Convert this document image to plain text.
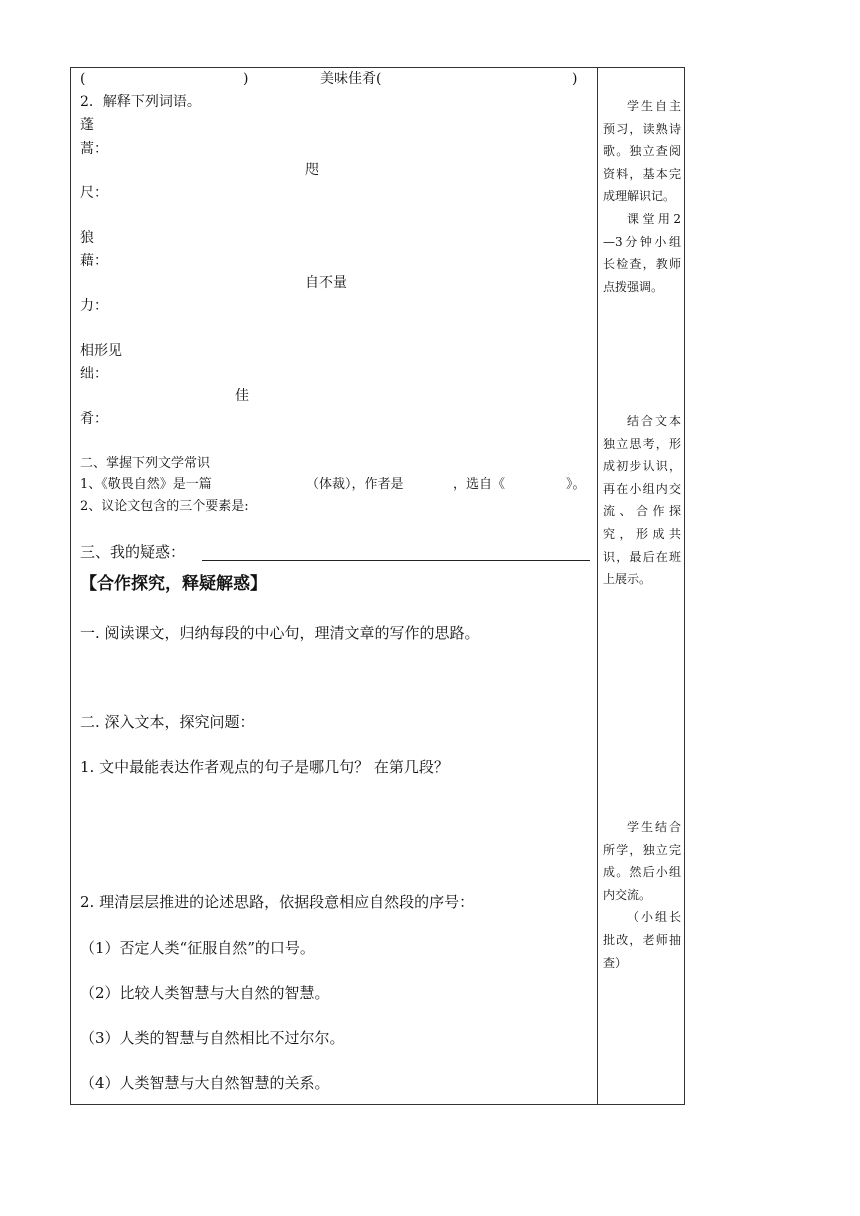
(	)	美味佳肴(	)
2．解释下列词语。
蓬
蒿：
咫
尺：
狼
藉：
自不量
力：
相形见
绌：
佳
肴：
二、掌握下列文学常识
1、《敬畏自然》是一篇	（体裁），作者是	，选自《	》。
2、议论文包含的三个要素是:
三、我的疑惑：
【合作探究，释疑解惑】
一. 阅读课文，归纳每段的中心句，理清文章的写作的思路。
二. 深入文本，探究问题：
1. 文中最能表达作者观点的句子是哪几句？ 在第几段？
2. 理清层层推进的论述思路，依据段意相应自然段的序号：
（1）否定人类“征服自然”的口号。
（2）比较人类智慧与大自然的智慧。
（3）人类的智慧与自然相比不过尔尔。
（4）人类智慧与大自然智慧的关系。
学生自主预习，读熟诗歌。独立查阅资料，基本完成理解识记。
课堂用2—3分钟小组长检查，教师点拨强调。
结合文本独立思考，形成初步认识，再在小组内交流、合作探究，形成共识，最后在班上展示。
学生结合所学，独立完成。然后小组内交流。
（小组长批改，老师抽查）
